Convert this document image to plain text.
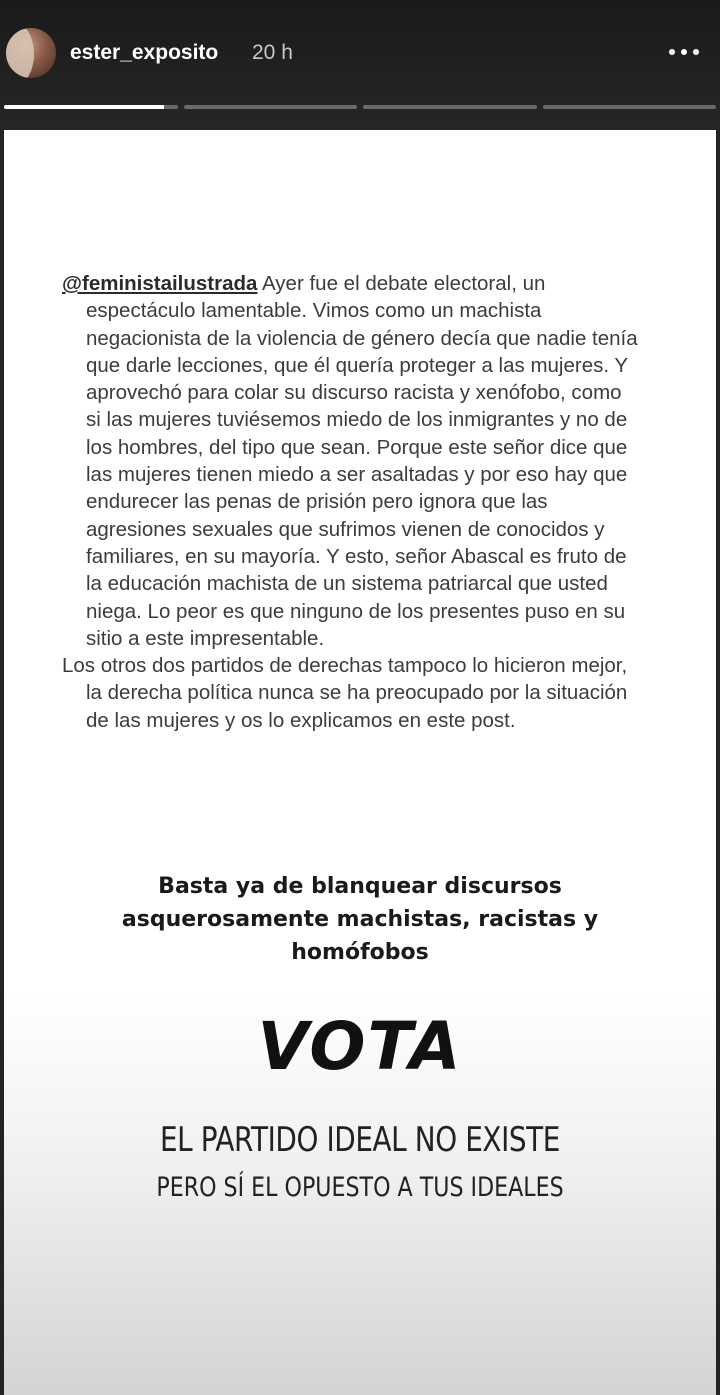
ester_exposito 20 h

@feministailustrada Ayer fue el debate electoral, un espectáculo lamentable. Vimos como un machista negacionista de la violencia de género decía que nadie tenía que darle lecciones, que él quería proteger a las mujeres. Y aprovechó para colar su discurso racista y xenófobo, como si las mujeres tuviésemos miedo de los inmigrantes y no de los hombres, del tipo que sean. Porque este señor dice que las mujeres tienen miedo a ser asaltadas y por eso hay que endurecer las penas de prisión pero ignora que las agresiones sexuales que sufrimos vienen de conocidos y familiares, en su mayoría. Y esto, señor Abascal es fruto de la educación machista de un sistema patriarcal que usted niega. Lo peor es que ninguno de los presentes puso en su sitio a este impresentable.

Los otros dos partidos de derechas tampoco lo hicieron mejor, la derecha política nunca se ha preocupado por la situación de las mujeres y os lo explicamos en este post.

Basta ya de blanquear discursos asquerosamente machistas, racistas y homófobos
VOTA
EL PARTIDO IDEAL NO EXISTE
PERO SÍ EL OPUESTO A TUS IDEALES
